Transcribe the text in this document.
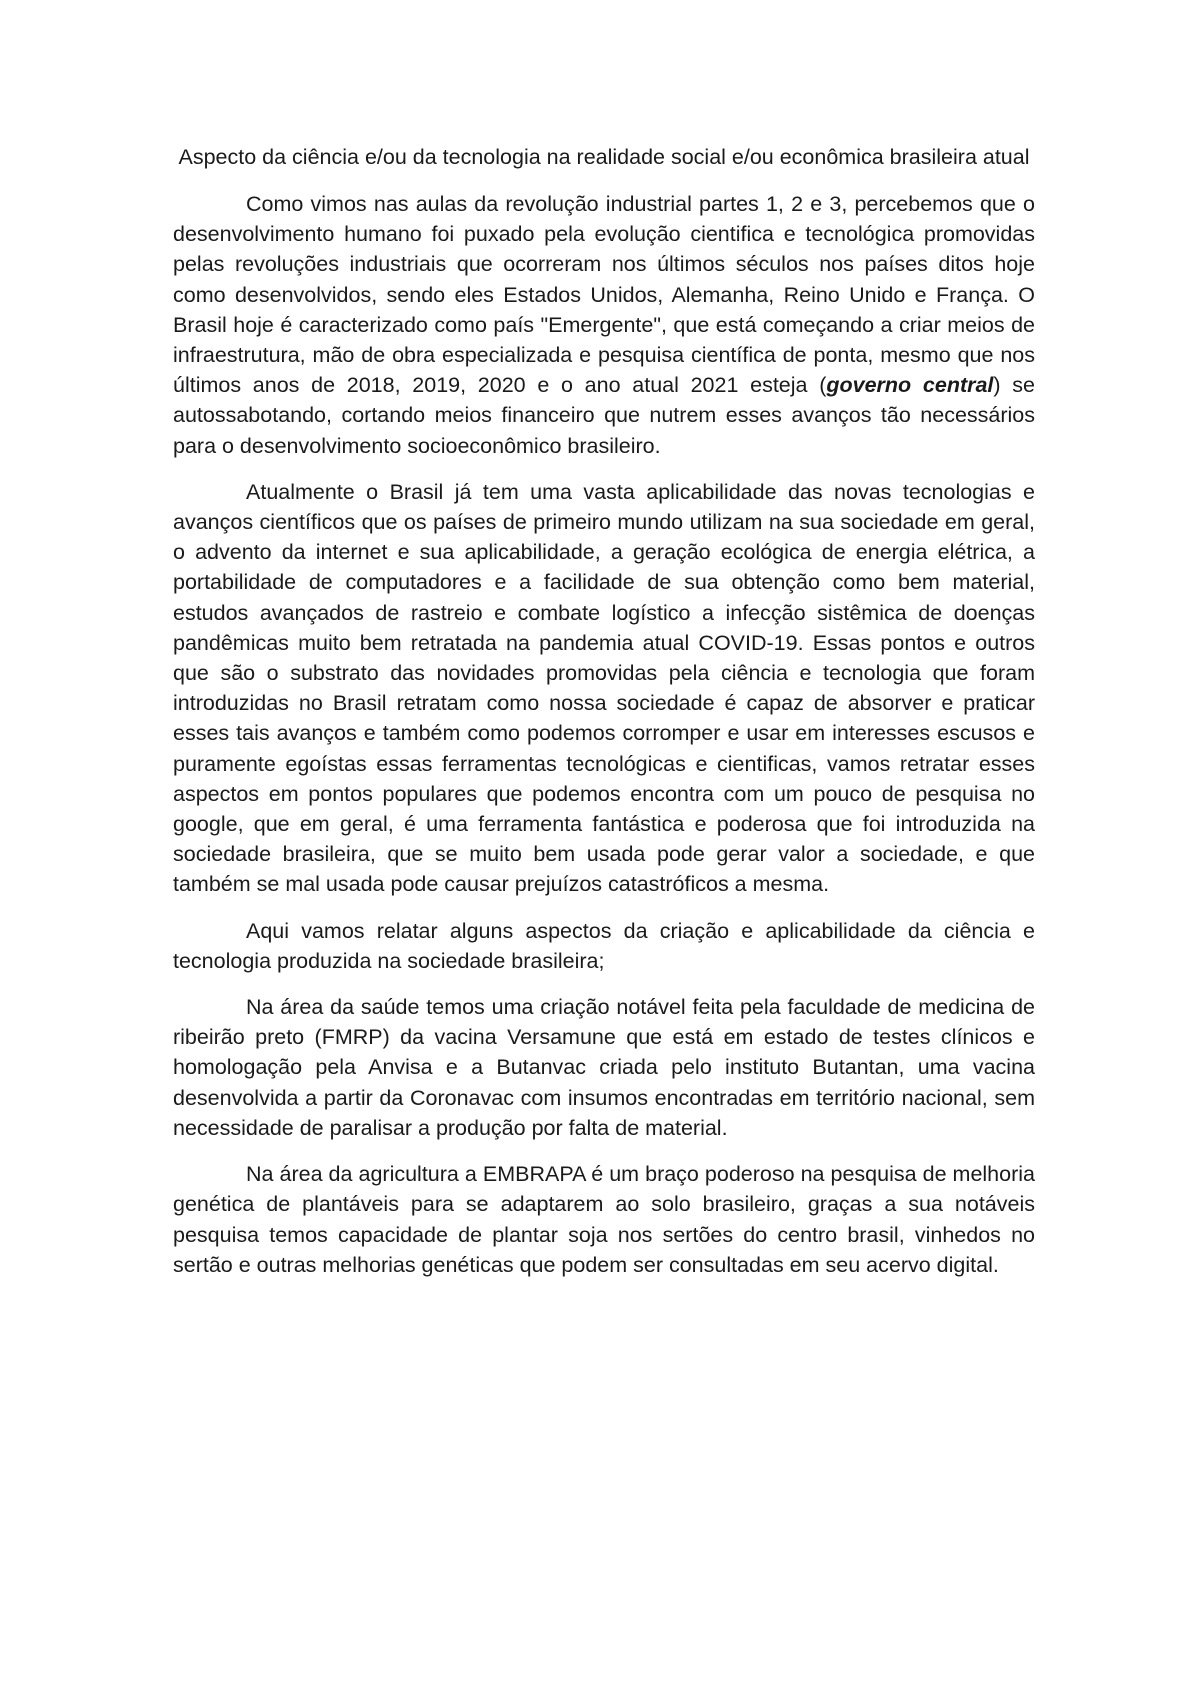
Aspecto da ciência e/ou da tecnologia na realidade social e/ou econômica brasileira atual

Como vimos nas aulas da revolução industrial partes 1, 2 e 3, percebemos que o desenvolvimento humano foi puxado pela evolução cientifica e tecnológica promovidas pelas revoluções industriais que ocorreram nos últimos séculos nos países ditos hoje como desenvolvidos, sendo eles Estados Unidos, Alemanha, Reino Unido e França. O Brasil hoje é caracterizado como país "Emergente", que está começando a criar meios de infraestrutura, mão de obra especializada e pesquisa científica de ponta, mesmo que nos últimos anos de 2018, 2019, 2020 e o ano atual 2021 esteja (governo central) se autossabotando, cortando meios financeiro que nutrem esses avanços tão necessários para o desenvolvimento socioeconômico brasileiro.

Atualmente o Brasil já tem uma vasta aplicabilidade das novas tecnologias e avanços científicos que os países de primeiro mundo utilizam na sua sociedade em geral, o advento da internet e sua aplicabilidade, a geração ecológica de energia elétrica, a portabilidade de computadores e a facilidade de sua obtenção como bem material, estudos avançados de rastreio e combate logístico a infecção sistêmica de doenças pandêmicas muito bem retratada na pandemia atual COVID-19. Essas pontos e outros que são o substrato das novidades promovidas pela ciência e tecnologia que foram introduzidas no Brasil retratam como nossa sociedade é capaz de absorver e praticar esses tais avanços e também como podemos corromper e usar em interesses escusos e puramente egoístas essas ferramentas tecnológicas e cientificas, vamos retratar esses aspectos em pontos populares que podemos encontra com um pouco de pesquisa no google, que em geral, é uma ferramenta fantástica e poderosa que foi introduzida na sociedade brasileira, que se muito bem usada pode gerar valor a sociedade, e que também se mal usada pode causar prejuízos catastróficos a mesma.

Aqui vamos relatar alguns aspectos da criação e aplicabilidade da ciência e tecnologia produzida na sociedade brasileira;

Na área da saúde temos uma criação notável feita pela faculdade de medicina de ribeirão preto (FMRP) da vacina Versamune que está em estado de testes clínicos e homologação pela Anvisa e a Butanvac criada pelo instituto Butantan, uma vacina desenvolvida a partir da Coronavac com insumos encontradas em território nacional, sem necessidade de paralisar a produção por falta de material.

Na área da agricultura a EMBRAPA é um braço poderoso na pesquisa de melhoria genética de plantáveis para se adaptarem ao solo brasileiro, graças a sua notáveis pesquisa temos capacidade de plantar soja nos sertões do centro brasil, vinhedos no sertão e outras melhorias genéticas que podem ser consultadas em seu acervo digital.
